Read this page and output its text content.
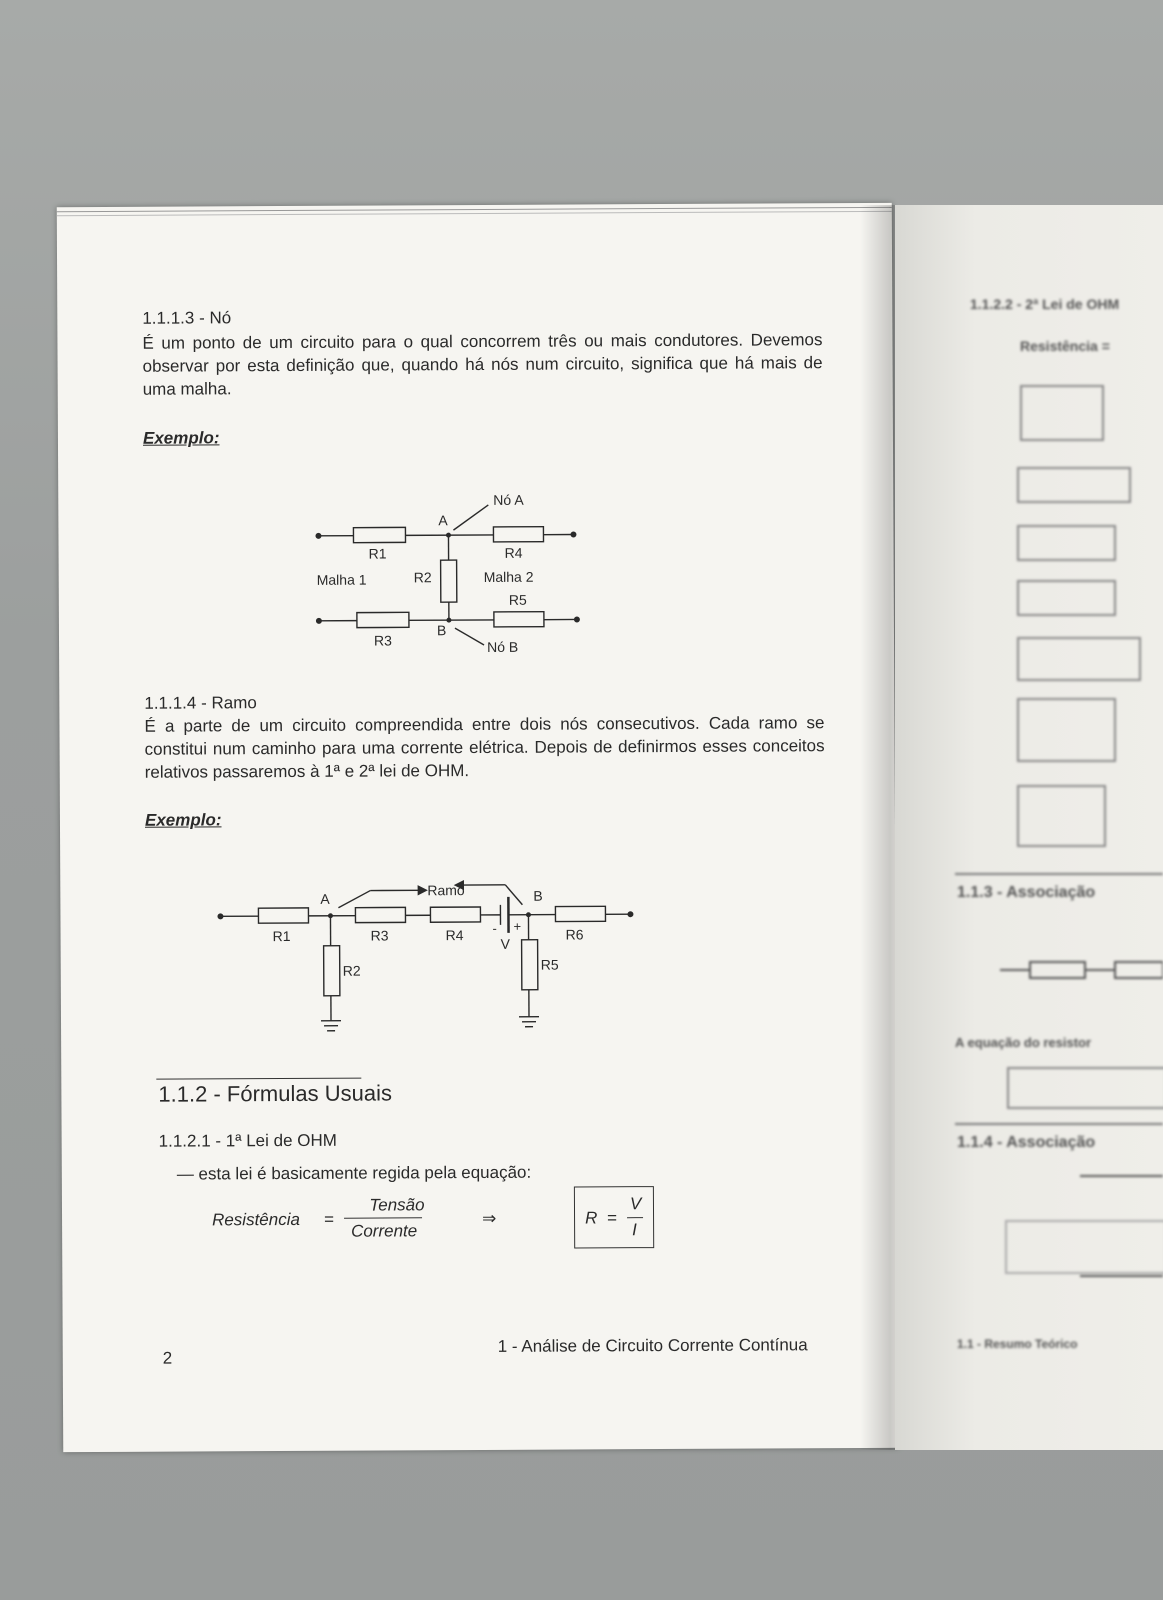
1.1.1.3 - Nó
É um ponto de um circuito para o qual concorrem três ou mais condutores. Devemos observar por esta definição que, quando há nós num circuito, significa que há mais de uma malha.
Exemplo:
Nó A
A
R1	R4
R2
Malha 1	Malha 2
R5
B
R3	Nó B
1.1.1.4 - Ramo
É a parte de um circuito compreendida entre dois nós consecutivos. Cada ramo se constitui num caminho para uma corrente elétrica. Depois de definirmos esses conceitos relativos passaremos à 1ª e 2ª lei de OHM.
Exemplo:
Ramo
A	B
R1	R3	R4 - +
V
R6
R2	R5
1.1.2 - Fórmulas Usuais
1.1.2.1 - 1ª Lei de OHM
— esta lei é basicamente regida pela equação:
Resistência =
Tensão
Corrente
⇒	R =
V
I
2
1 - Análise de Circuito Corrente Contínua
1.1.2.2 - 2ª Lei de OHM
Resistência =
1.1.3 - Associação
A equação do resistor
1.1.4 - Associação
1.1 - Resumo Teórico
